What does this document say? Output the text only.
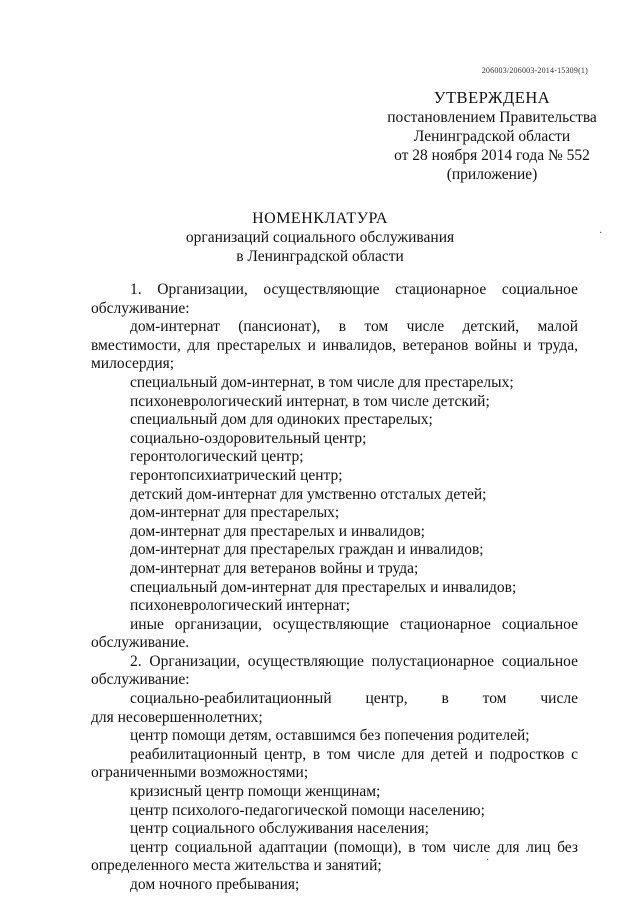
206003/206003-2014-15309(1)
УТВЕРЖДЕНА
постановлением Правительства
Ленинградской области
от 28 ноября 2014 года № 552
(приложение)
НОМЕНКЛАТУРА
организаций социального обслуживания
в Ленинградской области

1. Организации, осуществляющие стационарное социальное обслуживание:

дом-интернат (пансионат), в том числе детский, малой вместимости, для престарелых и инвалидов, ветеранов войны и труда, милосердия;

специальный дом-интернат, в том числе для престарелых;

психоневрологический интернат, в том числе детский;

специальный дом для одиноких престарелых;

социально-оздоровительный центр;

геронтологический центр;

геронтопсихиатрический центр;

детский дом-интернат для умственно отсталых детей;

дом-интернат для престарелых;

дом-интернат для престарелых и инвалидов;

дом-интернат для престарелых граждан и инвалидов;

дом-интернат для ветеранов войны и труда;

специальный дом-интернат для престарелых и инвалидов;

психоневрологический интернат;

иные организации, осуществляющие стационарное социальное обслуживание.

2. Организации, осуществляющие полустационарное социальное обслуживание:

социально-реабилитационный центр, в том числе

для несовершеннолетних;

центр помощи детям, оставшимся без попечения родителей;

реабилитационный центр, в том числе для детей и подростков с ограниченными возможностями;

кризисный центр помощи женщинам;

центр психолого-педагогической помощи населению;

центр социального обслуживания населения;

центр социальной адаптации (помощи), в том числе для лиц без определенного места жительства и занятий;

дом ночного пребывания;

·
·
